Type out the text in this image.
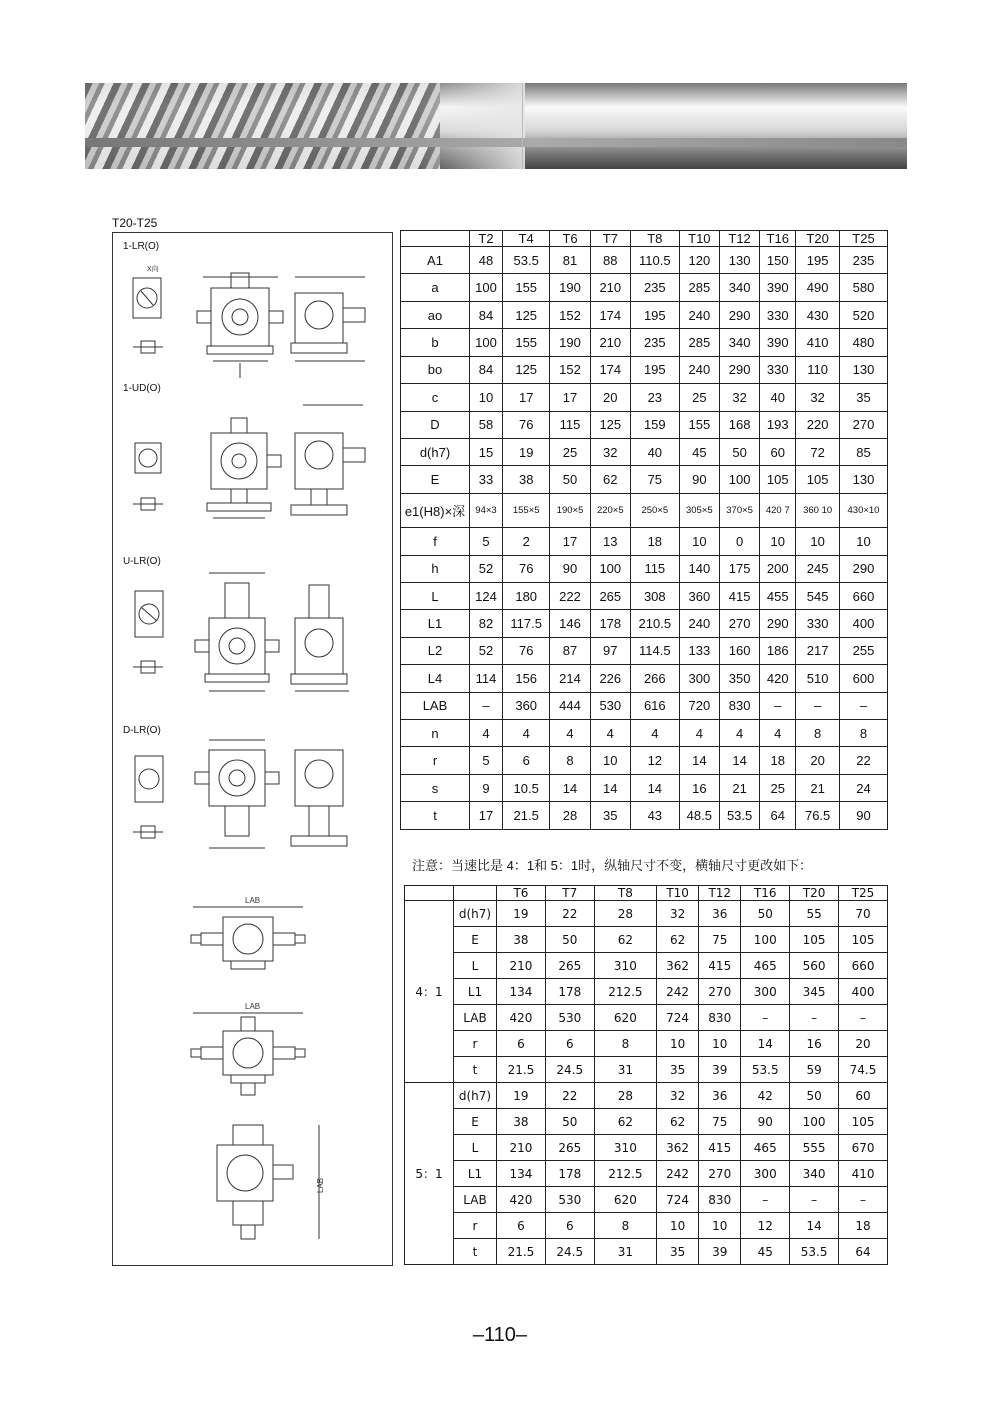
T20-T25
1-LR(O)
X向
1-UD(O)
U-LR(O)
D-LR(O)
LAB
LAB
LAB
	T2	T4	T6	T7	T8	T10	T12	T16	T20	T25
A1	48	53.5	81	88	110.5	120	130	150	195	235
a	100	155	190	210	235	285	340	390	490	580
ao	84	125	152	174	195	240	290	330	430	520
b	100	155	190	210	235	285	340	390	410	480
bo	84	125	152	174	195	240	290	330	110	130
c	10	17	17	20	23	25	32	40	32	35
D	58	76	115	125	159	155	168	193	220	270
d(h7)	15	19	25	32	40	45	50	60	72	85
E	33	38	50	62	75	90	100	105	105	130
e1(H8)×深	94×3	155×5	190×5	220×5	250×5	305×5	370×5	420 7	360 10	430×10
f	5	2	17	13	18	10	0	10	10	10
h	52	76	90	100	115	140	175	200	245	290
L	124	180	222	265	308	360	415	455	545	660
L1	82	117.5	146	178	210.5	240	270	290	330	400
L2	52	76	87	97	114.5	133	160	186	217	255
L4	114	156	214	226	266	300	350	420	510	600
LAB	–	360	444	530	616	720	830	–	–	–
n	4	4	4	4	4	4	4	4	8	8
r	5	6	8	10	12	14	14	18	20	22
s	9	10.5	14	14	14	16	21	25	21	24
t	17	21.5	28	35	43	48.5	53.5	64	76.5	90
注意：当速比是 4：1和 5：1时，纵轴尺寸不变，横轴尺寸更改如下：
		T6	T7	T8	T10	T12	T16	T20	T25
4：1	d(h7)	19	22	28	32	36	50	55	70
	E	38	50	62	62	75	100	105	105
	L	210	265	310	362	415	465	560	660
	L1	134	178	212.5	242	270	300	345	400
	LAB	420	530	620	724	830	–	–	–
	r	6	6	8	10	10	14	16	20
	t	21.5	24.5	31	35	39	53.5	59	74.5
5：1	d(h7)	19	22	28	32	36	42	50	60
	E	38	50	62	62	75	90	100	105
	L	210	265	310	362	415	465	555	670
	L1	134	178	212.5	242	270	300	340	410
	LAB	420	530	620	724	830	–	–	–
	r	6	6	8	10	10	12	14	18
	t	21.5	24.5	31	35	39	45	53.5	64
–110–
